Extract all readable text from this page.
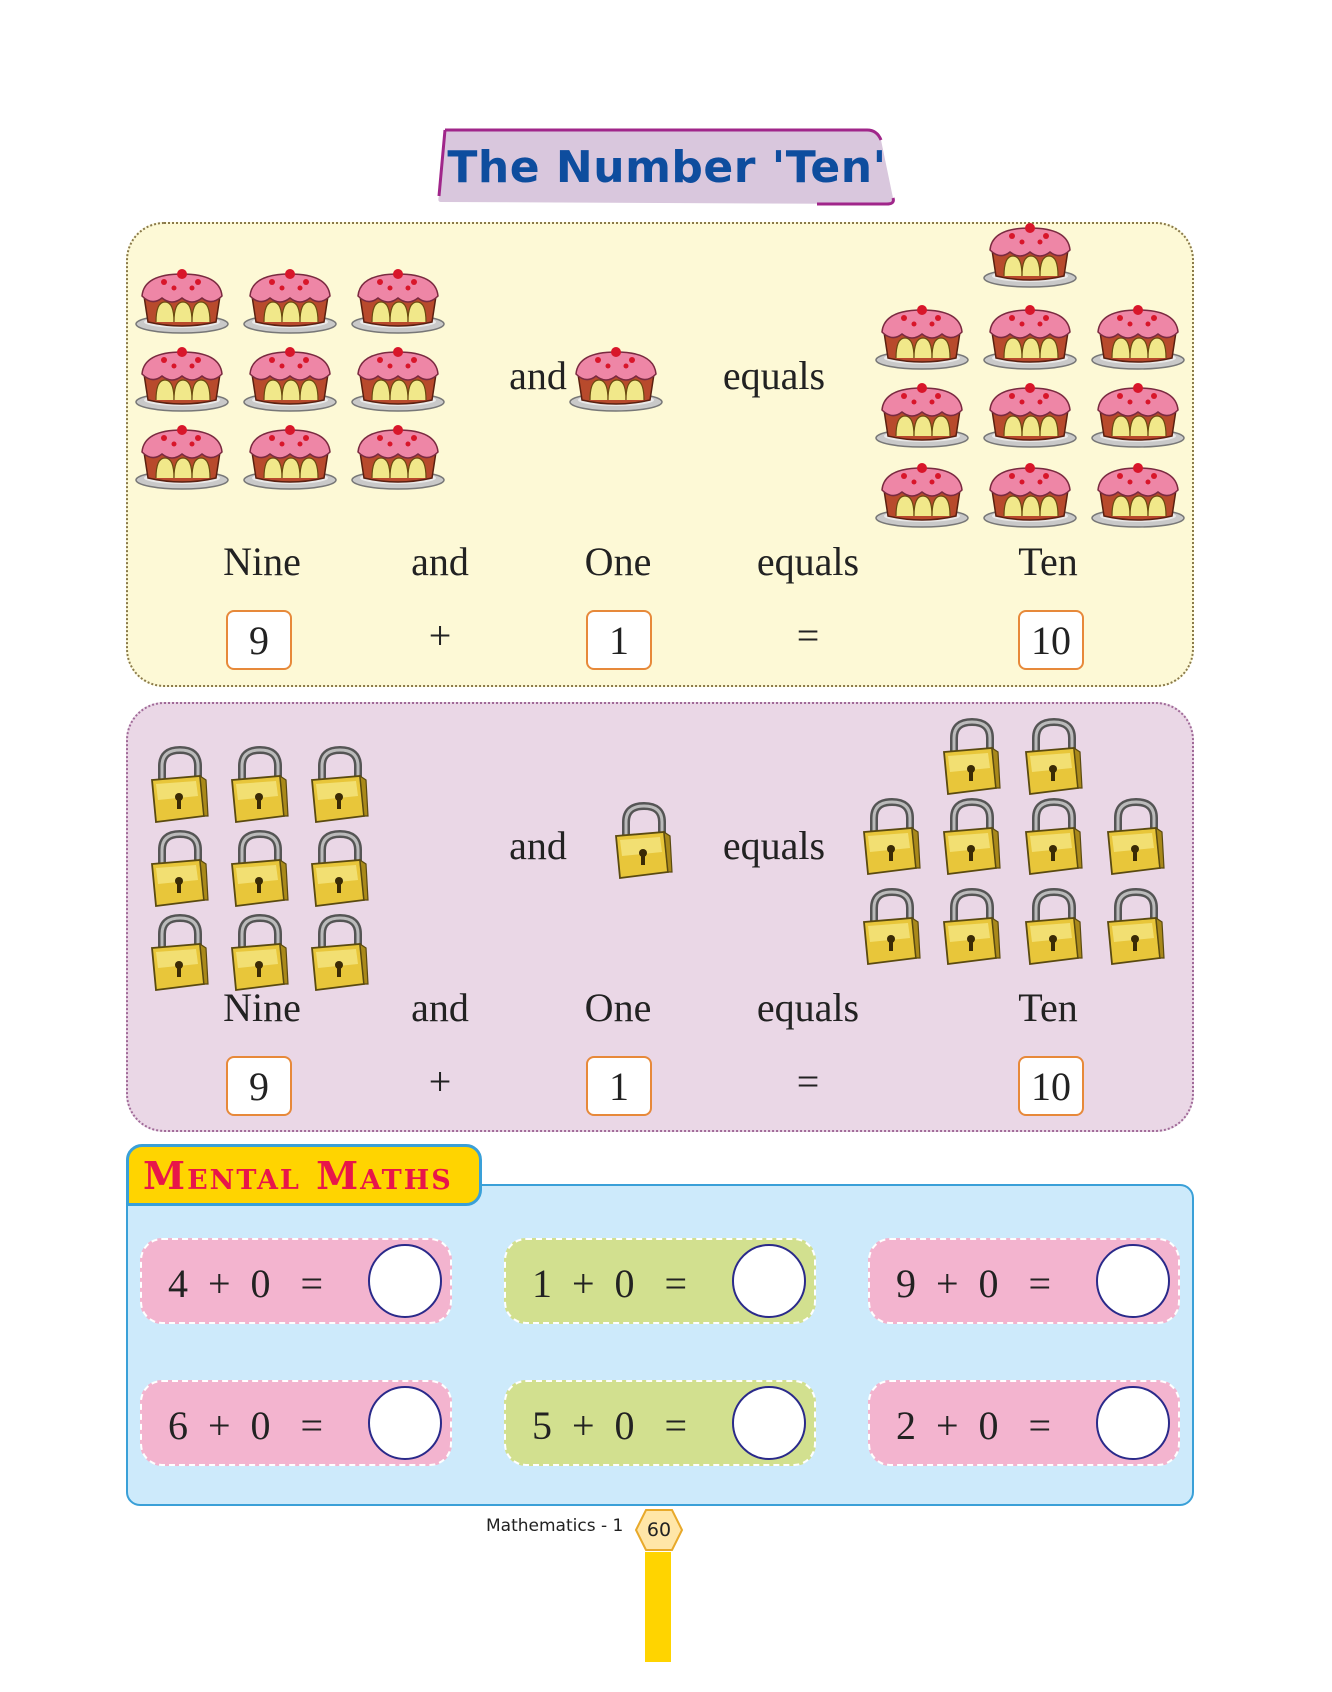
The Number 'Ten'
and	equals
Nine	and	One	equals	Ten
9	+	1	=	10
and	equals
Nine	and	One	equals	Ten
9	+	1	=	10
4  +  0   =	1  +  0   =	9  +  0   =
6  +  0   =	5  +  0   =	2  +  0   =
Mental Maths
Mathematics - 1	60
